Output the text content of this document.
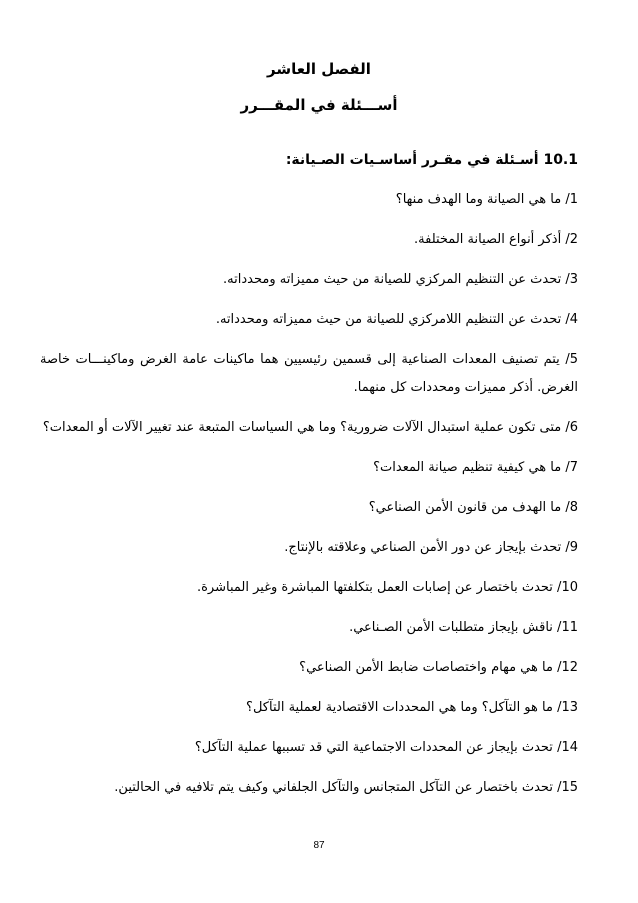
الفصل العاشر
أســـئلة في المقـــرر
10.1 أسـئلة في مقـرر أساسـيات الصـيانة:
1/ ما هي الصيانة وما الهدف منها؟
2/ أذكر أنواع الصيانة المختلفة.
3/ تحدث عن التنظيم المركزي للصيانة من حيث مميزاته ومحدداته.
4/ تحدث عن التنظيم اللامركزي للصيانة من حيث مميزاته ومحدداته.
5/ يتم تصنيف المعدات الصناعية إلى قسمين رئيسيين هما ماكينات عامة الغرض وماكينـــات خاصة الغرض. أذكر مميزات ومحددات كل منهما.
6/ متى تكون عملية استبدال الآلات ضرورية؟ وما هي السياسات المتبعة عند تغيير الآلات أو المعدات؟
7/ ما هي كيفية تنظيم صيانة المعدات؟
8/ ما الهدف من قانون الأمن الصناعي؟
9/ تحدث بإيجاز عن دور الأمن الصناعي وعلاقته بالإنتاج.
10/ تحدث باختصار عن إصابات العمل بتكلفتها المباشرة وغير المباشرة.
11/ ناقش بإيجاز متطلبات الأمن الصـناعي.
12/ ما هي مهام واختصاصات ضابط الأمن الصناعي؟
13/ ما هو التآكل؟ وما هي المحددات الاقتصادية لعملية التآكل؟
14/ تحدث بإيجاز عن المحددات الاجتماعية التي قد تسببها عملية التآكل؟
15/ تحدث باختصار عن التآكل المتجانس والتآكل الجلفاني وكيف يتم تلافيه في الحالتين.
87
